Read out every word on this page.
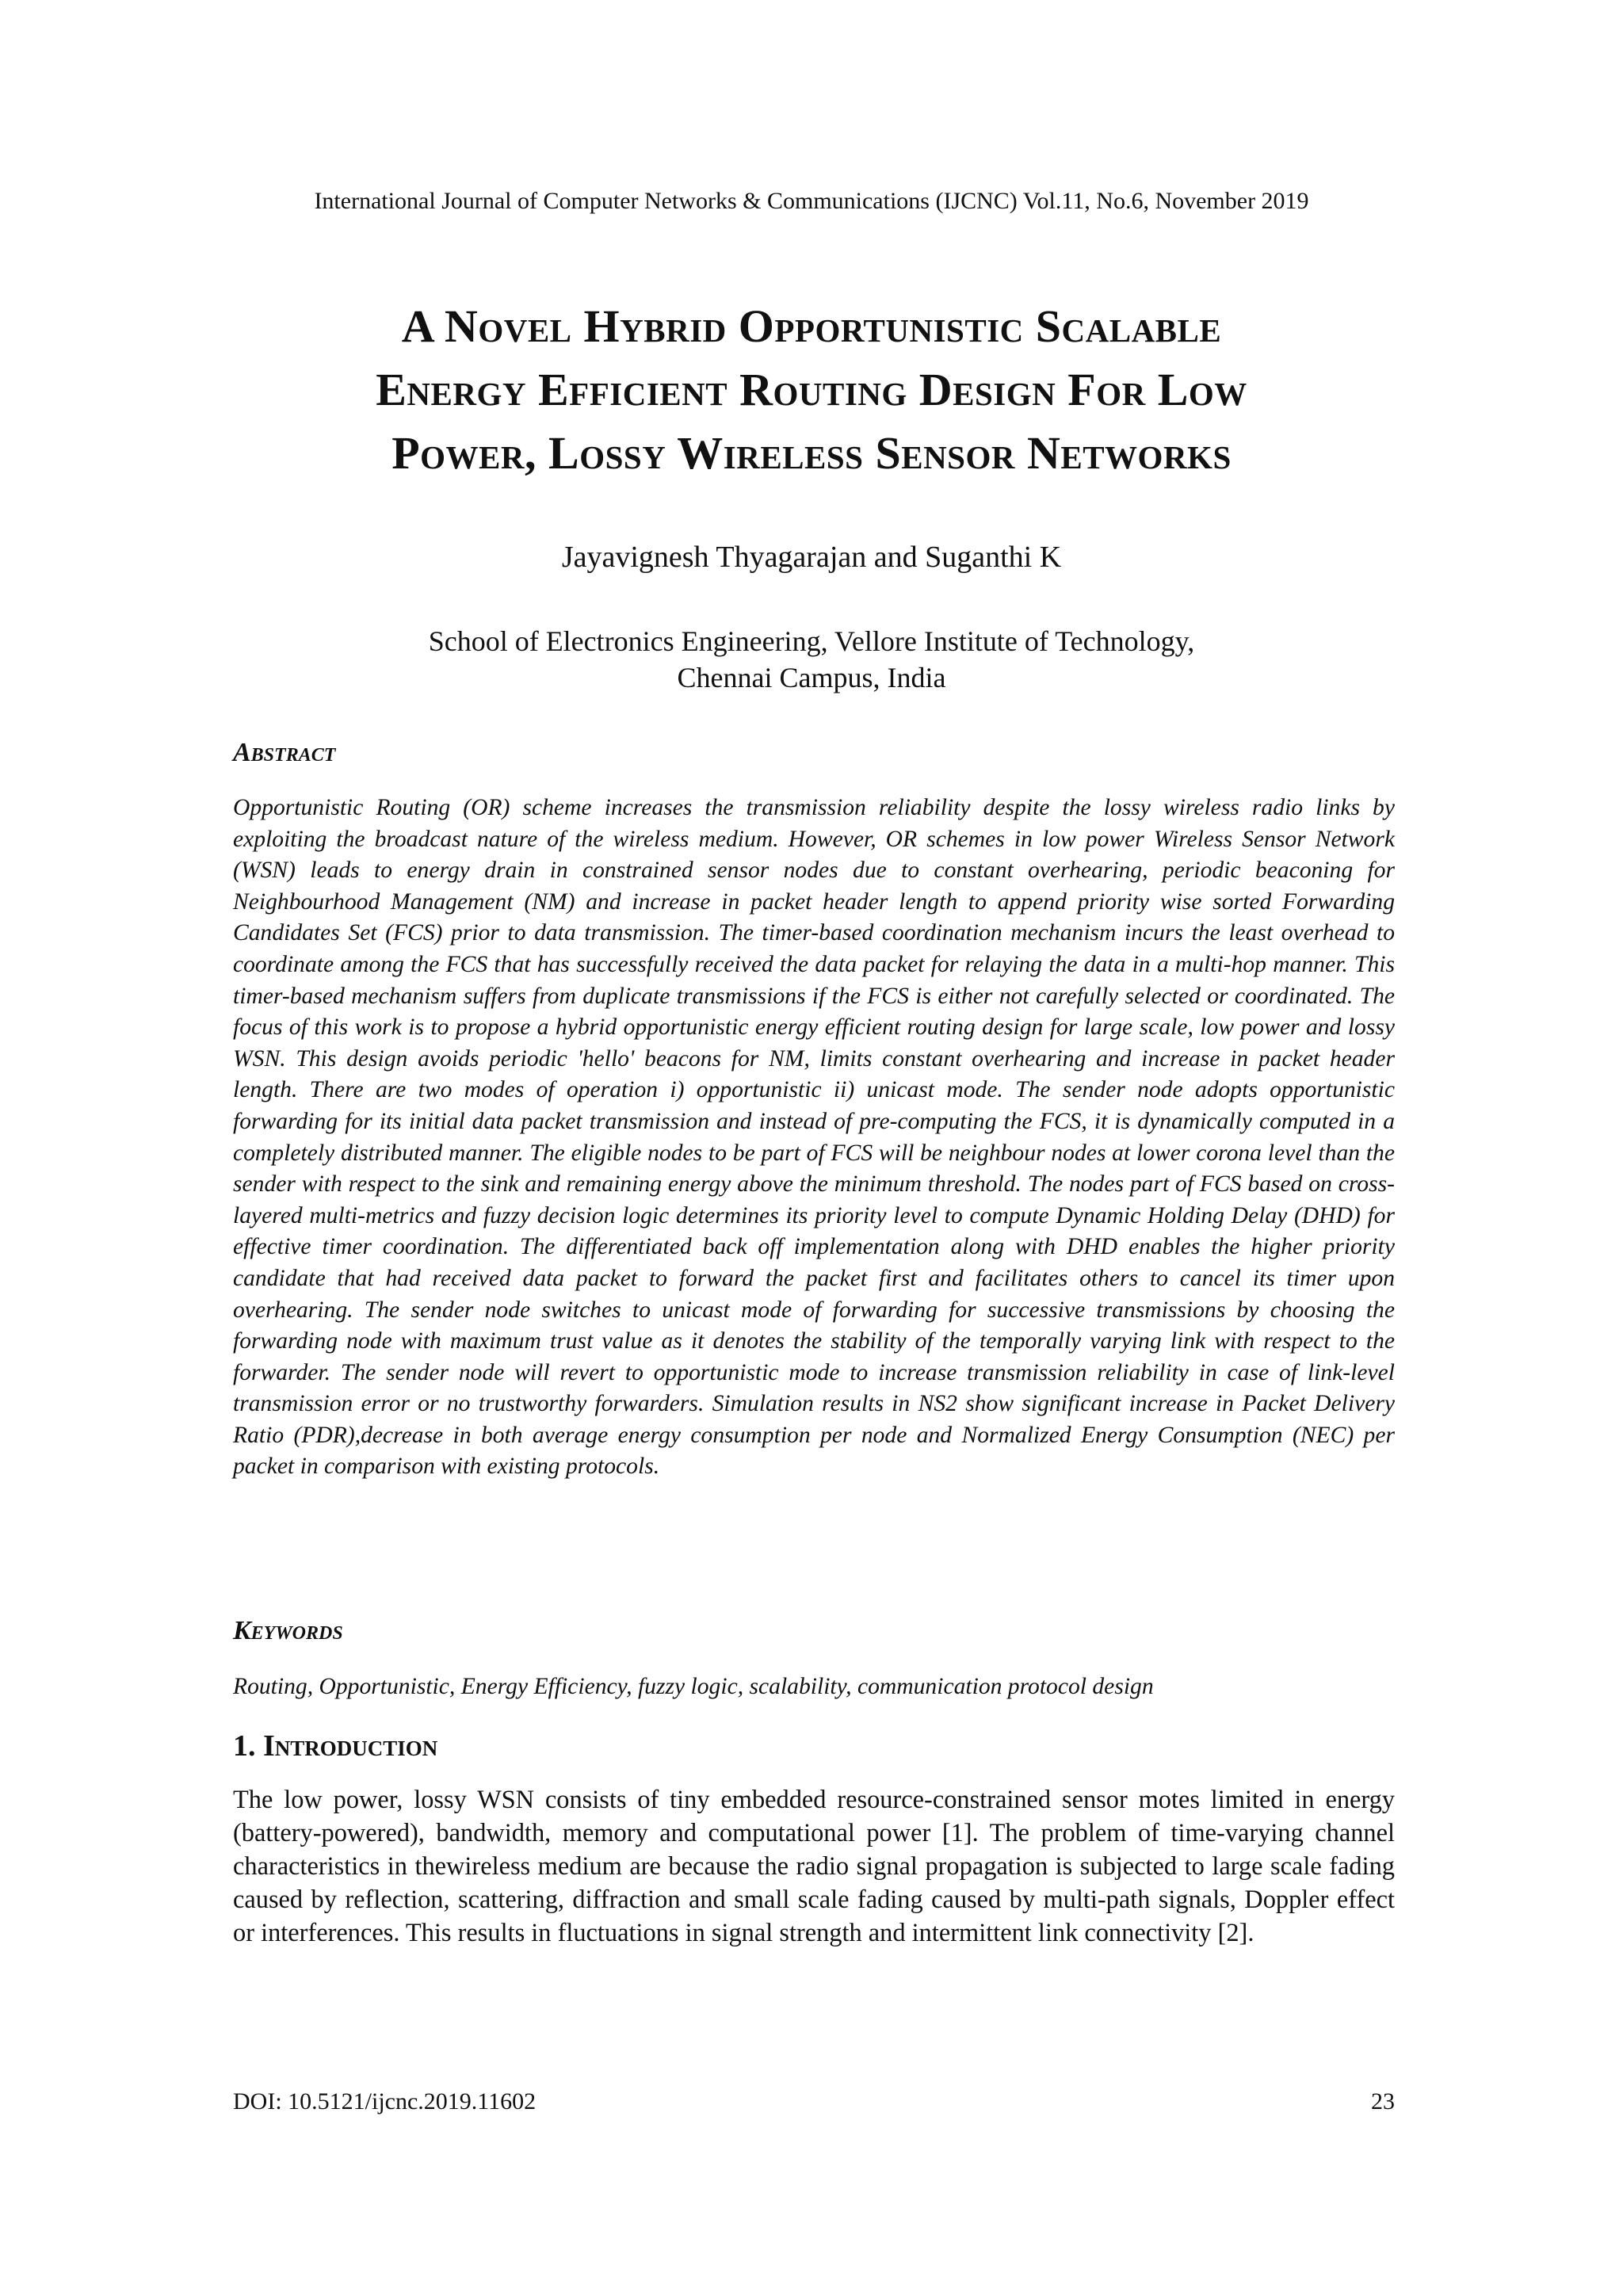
International Journal of Computer Networks & Communications (IJCNC) Vol.11, No.6, November 2019
A Novel Hybrid Opportunistic Scalable
Energy Efficient Routing Design For Low
Power, Lossy Wireless Sensor Networks
Jayavignesh Thyagarajan and Suganthi K
School of Electronics Engineering, Vellore Institute of Technology,
Chennai Campus, India
Abstract
Opportunistic Routing (OR) scheme increases the transmission reliability despite the lossy wireless radio links by exploiting the broadcast nature of the wireless medium. However, OR schemes in low power Wireless Sensor Network (WSN) leads to energy drain in constrained sensor nodes due to constant overhearing, periodic beaconing for Neighbourhood Management (NM) and increase in packet header length to append priority wise sorted Forwarding Candidates Set (FCS) prior to data transmission. The timer-based coordination mechanism incurs the least overhead to coordinate among the FCS that has successfully received the data packet for relaying the data in a multi-hop manner. This timer-based mechanism suffers from duplicate transmissions if the FCS is either not carefully selected or coordinated. The focus of this work is to propose a hybrid opportunistic energy efficient routing design for large scale, low power and lossy WSN. This design avoids periodic 'hello' beacons for NM, limits constant overhearing and increase in packet header length. There are two modes of operation i) opportunistic ii) unicast mode. The sender node adopts opportunistic forwarding for its initial data packet transmission and instead of pre-computing the FCS, it is dynamically computed in a completely distributed manner. The eligible nodes to be part of FCS will be neighbour nodes at lower corona level than the sender with respect to the sink and remaining energy above the minimum threshold. The nodes part of FCS based on cross-layered multi-metrics and fuzzy decision logic determines its priority level to compute Dynamic Holding Delay (DHD) for effective timer coordination. The differentiated back off implementation along with DHD enables the higher priority candidate that had received data packet to forward the packet first and facilitates others to cancel its timer upon overhearing. The sender node switches to unicast mode of forwarding for successive transmissions by choosing the forwarding node with maximum trust value as it denotes the stability of the temporally varying link with respect to the forwarder. The sender node will revert to opportunistic mode to increase transmission reliability in case of link-level transmission error or no trustworthy forwarders. Simulation results in NS2 show significant increase in Packet Delivery Ratio (PDR),decrease in both average energy consumption per node and Normalized Energy Consumption (NEC) per packet in comparison with existing protocols.
Keywords
Routing, Opportunistic, Energy Efficiency, fuzzy logic, scalability, communication protocol design
1. Introduction
The low power, lossy WSN consists of tiny embedded resource-constrained sensor motes limited in energy (battery-powered), bandwidth, memory and computational power [1]. The problem of time-varying channel characteristics in thewireless medium are because the radio signal propagation is subjected to large scale fading caused by reflection, scattering, diffraction and small scale fading caused by multi-path signals, Doppler effect or interferences. This results in fluctuations in signal strength and intermittent link connectivity [2].
DOI: 10.5121/ijcnc.2019.11602	23
